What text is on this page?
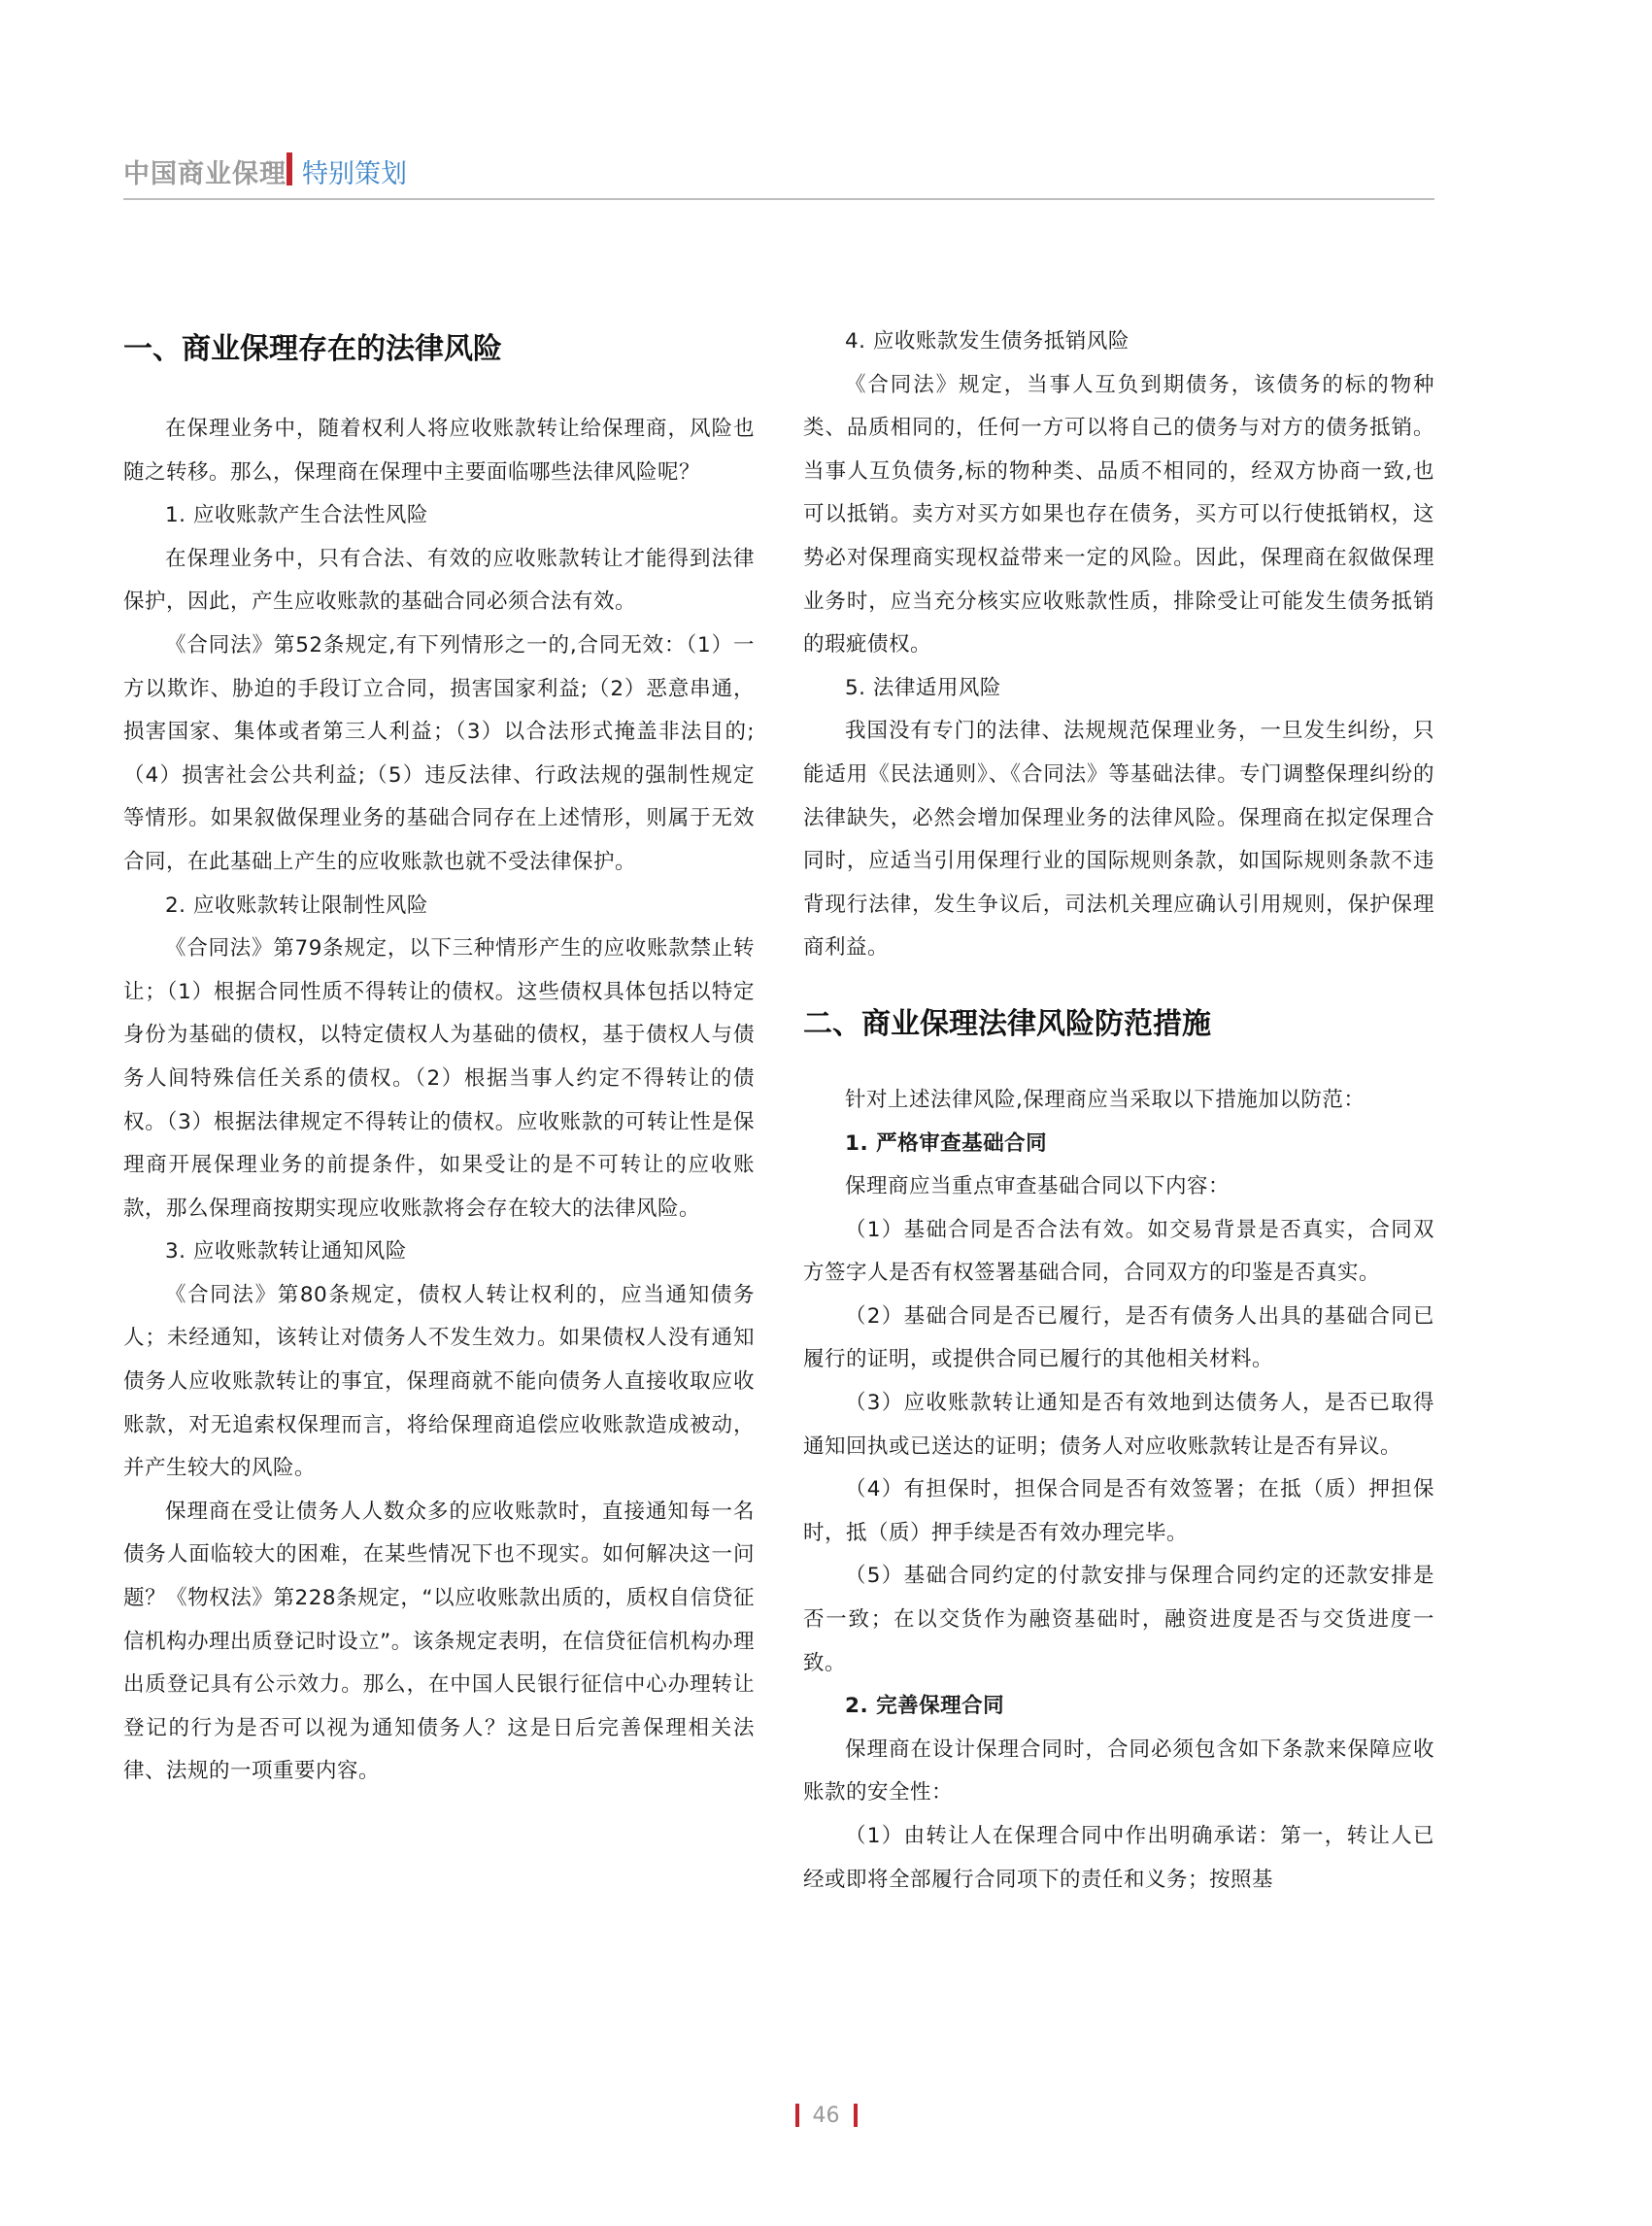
中国商业保理 特别策划
一、商业保理存在的法律风险

在保理业务中，随着权利人将应收账款转让给保理商，风险也随之转移。那么，保理商在保理中主要面临哪些法律风险呢？

1. 应收账款产生合法性风险

在保理业务中，只有合法、有效的应收账款转让才能得到法律保护，因此，产生应收账款的基础合同必须合法有效。

《合同法》第52条规定,有下列情形之一的,合同无效：（1）一方以欺诈、胁迫的手段订立合同，损害国家利益;（2）恶意串通，损害国家、集体或者第三人利益；（3）以合法形式掩盖非法目的;（4）损害社会公共利益;（5）违反法律、行政法规的强制性规定等情形。如果叙做保理业务的基础合同存在上述情形，则属于无效合同，在此基础上产生的应收账款也就不受法律保护。

2. 应收账款转让限制性风险

《合同法》第79条规定，以下三种情形产生的应收账款禁止转让；（1）根据合同性质不得转让的债权。这些债权具体包括以特定身份为基础的债权，以特定债权人为基础的债权，基于债权人与债务人间特殊信任关系的债权。（2）根据当事人约定不得转让的债权。（3）根据法律规定不得转让的债权。应收账款的可转让性是保理商开展保理业务的前提条件，如果受让的是不可转让的应收账款，那么保理商按期实现应收账款将会存在较大的法律风险。

3. 应收账款转让通知风险

《合同法》第80条规定，债权人转让权利的，应当通知债务人；未经通知，该转让对债务人不发生效力。如果债权人没有通知债务人应收账款转让的事宜，保理商就不能向债务人直接收取应收账款，对无追索权保理而言，将给保理商追偿应收账款造成被动，并产生较大的风险。

保理商在受让债务人人数众多的应收账款时，直接通知每一名债务人面临较大的困难，在某些情况下也不现实。如何解决这一问题？《物权法》第228条规定，“以应收账款出质的，质权自信贷征信机构办理出质登记时设立”。该条规定表明，在信贷征信机构办理出质登记具有公示效力。那么，在中国人民银行征信中心办理转让登记的行为是否可以视为通知债务人？这是日后完善保理相关法律、法规的一项重要内容。

4. 应收账款发生债务抵销风险

《合同法》规定，当事人互负到期债务，该债务的标的物种类、品质相同的，任何一方可以将自己的债务与对方的债务抵销。当事人互负债务,标的物种类、品质不相同的，经双方协商一致,也可以抵销。卖方对买方如果也存在债务，买方可以行使抵销权，这势必对保理商实现权益带来一定的风险。因此，保理商在叙做保理业务时，应当充分核实应收账款性质，排除受让可能发生债务抵销的瑕疵债权。

5. 法律适用风险

我国没有专门的法律、法规规范保理业务，一旦发生纠纷，只能适用《民法通则》、《合同法》等基础法律。专门调整保理纠纷的法律缺失，必然会增加保理业务的法律风险。保理商在拟定保理合同时，应适当引用保理行业的国际规则条款，如国际规则条款不违背现行法律，发生争议后，司法机关理应确认引用规则，保护保理商利益。

二、商业保理法律风险防范措施

针对上述法律风险,保理商应当采取以下措施加以防范：

1. 严格审查基础合同

保理商应当重点审查基础合同以下内容：

（1）基础合同是否合法有效。如交易背景是否真实，合同双方签字人是否有权签署基础合同，合同双方的印鉴是否真实。

（2）基础合同是否已履行，是否有债务人出具的基础合同已履行的证明，或提供合同已履行的其他相关材料。

（3）应收账款转让通知是否有效地到达债务人，是否已取得通知回执或已送达的证明；债务人对应收账款转让是否有异议。

（4）有担保时，担保合同是否有效签署；在抵（质）押担保时，抵（质）押手续是否有效办理完毕。

（5）基础合同约定的付款安排与保理合同约定的还款安排是否一致；在以交货作为融资基础时，融资进度是否与交货进度一致。

2. 完善保理合同

保理商在设计保理合同时，合同必须包含如下条款来保障应收账款的安全性：

（1）由转让人在保理合同中作出明确承诺：第一，转让人已经或即将全部履行合同项下的责任和义务；按照基

46
